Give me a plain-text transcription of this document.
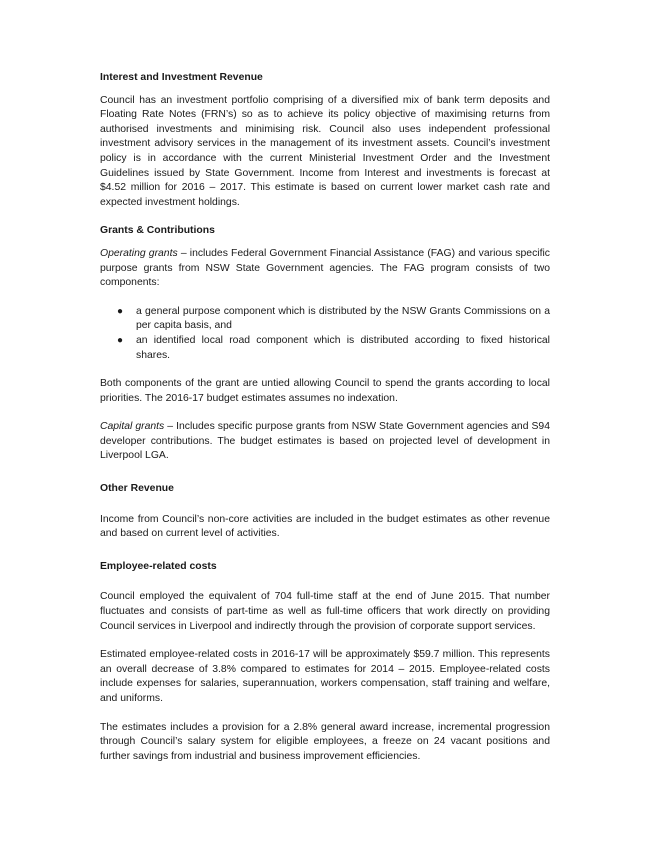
Interest and Investment Revenue

Council has an investment portfolio comprising of a diversified mix of bank term deposits and Floating Rate Notes (FRN’s) so as to achieve its policy objective of maximising returns from authorised investments and minimising risk. Council also uses independent professional investment advisory services in the management of its investment assets. Council’s investment policy is in accordance with the current Ministerial Investment Order and the Investment Guidelines issued by State Government. Income from Interest and investments is forecast at $4.52 million for 2016 – 2017. This estimate is based on current lower market cash rate and expected investment holdings.

Grants & Contributions

Operating grants – includes Federal Government Financial Assistance (FAG) and various specific purpose grants from NSW State Government agencies. The FAG program consists of two components:

● a general purpose component which is distributed by the NSW Grants Commissions on a per capita basis, and
● an identified local road component which is distributed according to fixed historical shares.

Both components of the grant are untied allowing Council to spend the grants according to local priorities. The 2016-17 budget estimates assumes no indexation.

Capital grants – Includes specific purpose grants from NSW State Government agencies and S94 developer contributions. The budget estimates is based on projected level of development in Liverpool LGA.

Other Revenue

Income from Council’s non-core activities are included in the budget estimates as other revenue and based on current level of activities.

Employee-related costs

Council employed the equivalent of 704 full-time staff at the end of June 2015. That number fluctuates and consists of part-time as well as full-time officers that work directly on providing Council services in Liverpool and indirectly through the provision of corporate support services.

Estimated employee-related costs in 2016-17 will be approximately $59.7 million. This represents an overall decrease of 3.8% compared to estimates for 2014 – 2015. Employee-related costs include expenses for salaries, superannuation, workers compensation, staff training and welfare, and uniforms.

The estimates includes a provision for a 2.8% general award increase, incremental progression through Council’s salary system for eligible employees, a freeze on 24 vacant positions and further savings from industrial and business improvement efficiencies.
